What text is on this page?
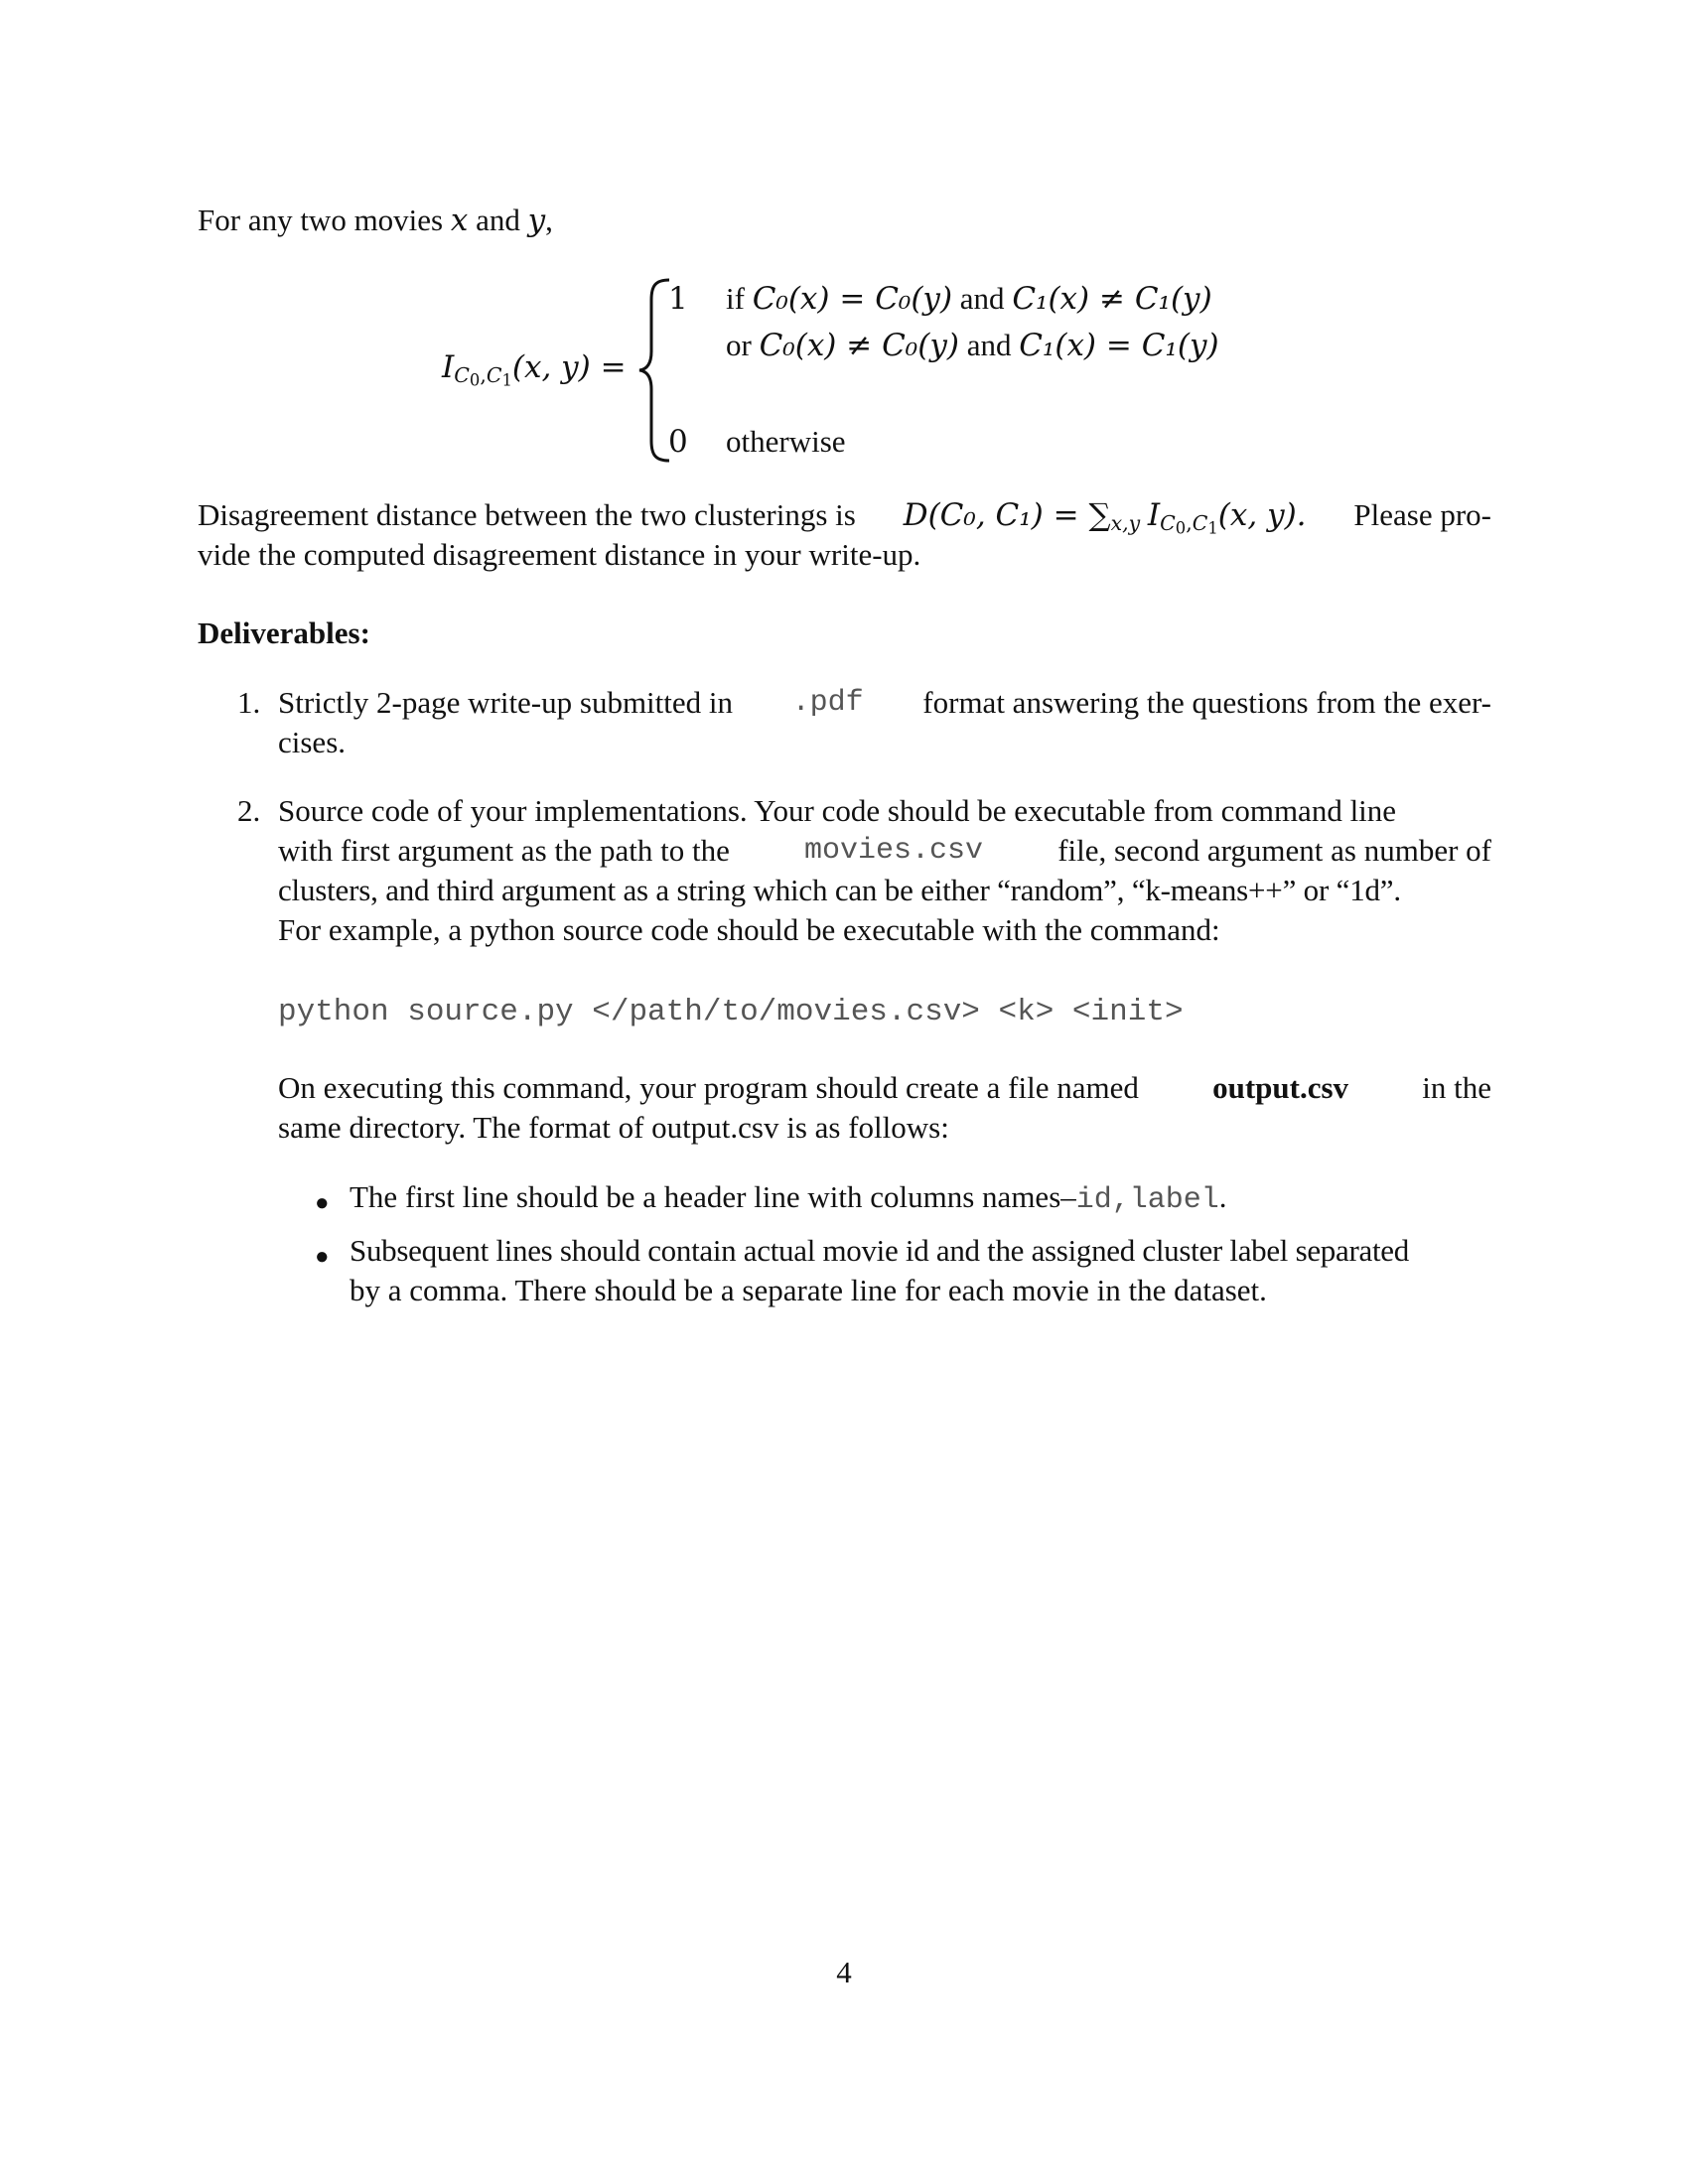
For any two movies x and y,
$I_{C0,C1}(x$, y) =
1 if C₀(x) = C₀(y) and C₁(x) ≠ C₁(y)
or C₀(x) ≠ C₀(y) and C₁(x) = C₁(y)
0 otherwise
Disagreement distance between the two clusterings is D(C₀, $C_1) = \sum_{x,y}$ $I_{C0,C1}(x$, y). Please pro-
vide the computed disagreement distance in your write-up.
Deliverables:
1. Strictly 2-page write-up submitted in .pdf format answering the questions from the exer-
cises.
2. Source code of your implementations. Your code should be executable from command line
with first argument as the path to the	movies.csv file, second argument as number of
clusters, and third argument as a string which can be either “random”, “k-means++” or “1d”.
For example, a python source code should be executable with the command:
python source.py </path/to/movies.csv> <k> <init>
On executing this command, your program should create a file named output.csv in the
same directory. The format of output.csv is as follows:
● The first line should be a header line with columns names–id,label.
● Subsequent lines should contain actual movie id and the assigned cluster label separated
by a comma. There should be a separate line for each movie in the dataset.
4
